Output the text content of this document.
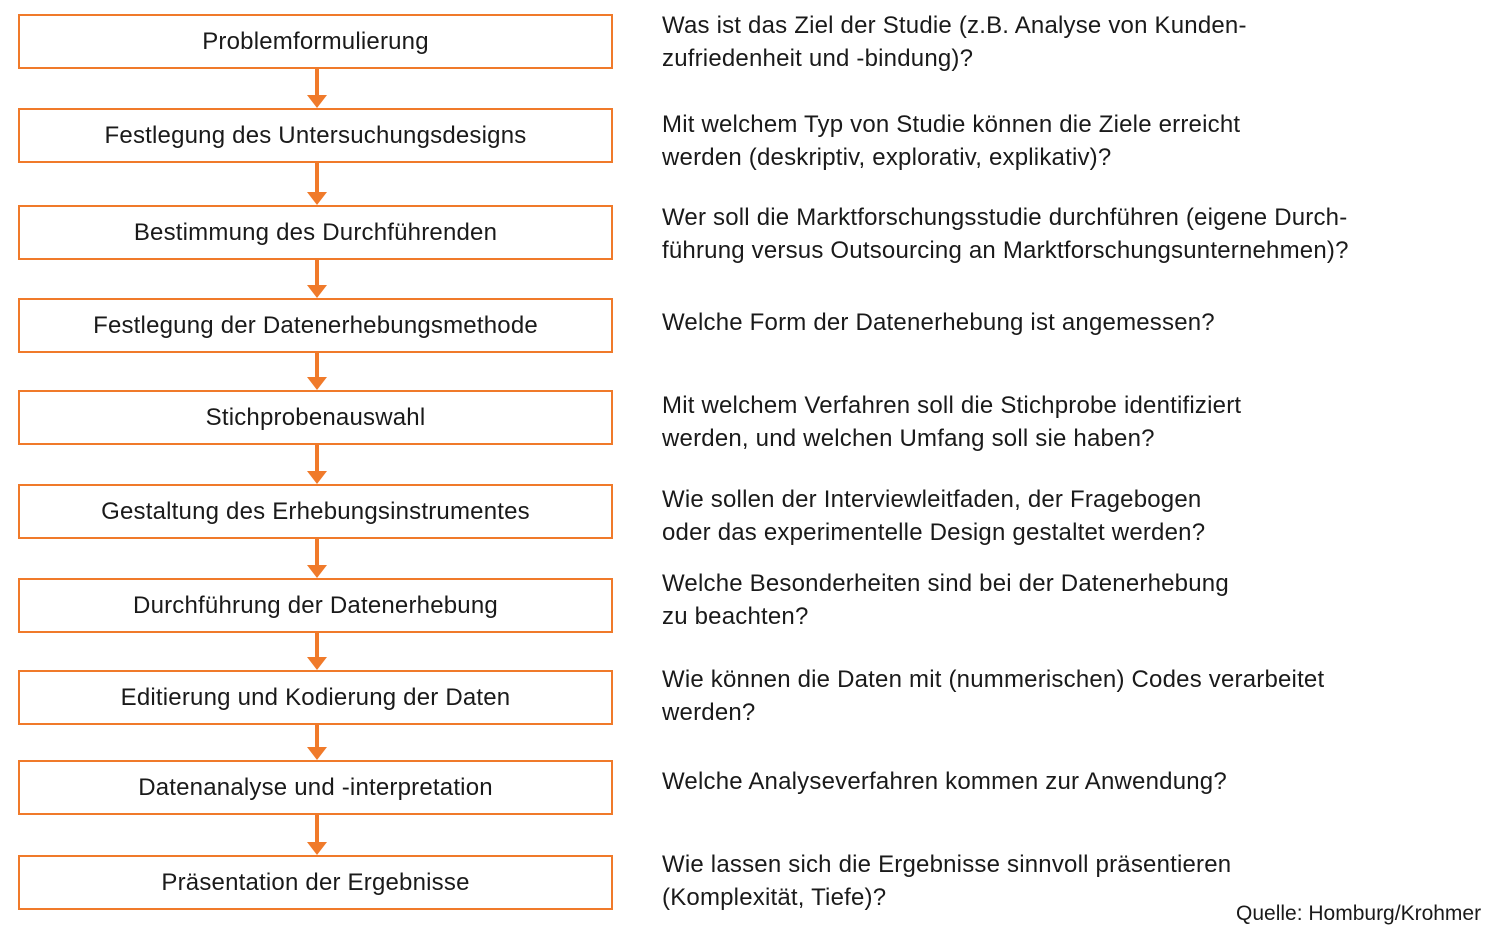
Problemformulierung
Festlegung des Untersuchungsdesigns
Bestimmung des Durchführenden
Festlegung der Datenerhebungsmethode
Stichprobenauswahl
Gestaltung des Erhebungsinstrumentes
Durchführung der Datenerhebung
Editierung und Kodierung der Daten
Datenanalyse und -interpretation
Präsentation der Ergebnisse
Was ist das Ziel der Studie (z.B. Analyse von Kunden-
zufriedenheit und -bindung)?
Mit welchem Typ von Studie können die Ziele erreicht
werden (deskriptiv, explorativ, explikativ)?
Wer soll die Marktforschungsstudie durchführen (eigene Durch-
führung versus Outsourcing an Marktforschungsunternehmen)?
Welche Form der Datenerhebung ist angemessen?
Mit welchem Verfahren soll die Stichprobe identifiziert
werden, und welchen Umfang soll sie haben?
Wie sollen der Interviewleitfaden, der Fragebogen
oder das experimentelle Design gestaltet werden?
Welche Besonderheiten sind bei der Datenerhebung
zu beachten?
Wie können die Daten mit (nummerischen) Codes verarbeitet
werden?
Welche Analyseverfahren kommen zur Anwendung?
Wie lassen sich die Ergebnisse sinnvoll präsentieren
(Komplexität, Tiefe)?
Quelle: Homburg/Krohmer
